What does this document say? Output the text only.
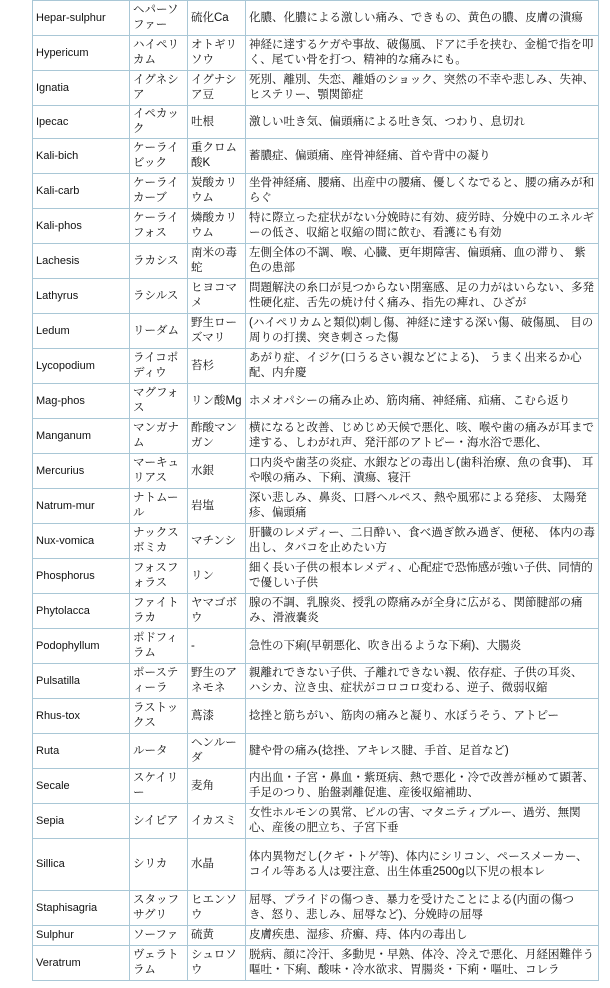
Hepar-sulphur	ヘパーソファー	硫化Ca	化膿、化膿による激しい痛み、できもの、黄色の膿、皮膚の潰瘍
Hypericum	ハイペリカム	オトギリソウ	神経に達するケガや事故、破傷風、ドアに手を挟む、金槌で指を叩く、尾てい骨を打つ、精神的な痛みにも。
Ignatia	イグネシア	イグナシア豆	死別、離別、失恋、離婚のショック、突然の不幸や悲しみ、失神、 ヒステリー、顎関節症
Ipecac	イペカック	吐根	激しい吐き気、偏頭痛による吐き気、つわり、息切れ
Kali-bich	ケーライビック	重クロム酸K	蓄膿症、偏頭痛、座骨神経痛、首や背中の凝り
Kali-carb	ケーライカーブ	炭酸カリウム	坐骨神経痛、腰痛、出産中の腰痛、優しくなでると、腰の痛みが和らぐ
Kali-phos	ケーライフォス	燐酸カリウム	特に際立った症状がない分娩時に有効、疲労時、分娩中のエネルギーの低さ、収縮と収縮の間に飲む、看護にも有効
Lachesis	ラカシス	南米の毒蛇	左側全体の不調、喉、心臓、更年期障害、偏頭痛、血の滞り、 紫色の患部
Lathyrus	ラシルス	ヒヨコマメ	問題解決の糸口が見つからない閉塞感、足の力がはいらない、多発性硬化症、舌先の焼け付く痛み、指先の痺れ、ひざが
Ledum	リーダム	野生ローズマリ	(ハイペリカムと類似)刺し傷、神経に達する深い傷、破傷風、 目の周りの打撲、突き刺さった傷
Lycopodium	ライコポディウ	苔杉	あがり症、イジケ(口うるさい親などによる)、 うまく出来るか心配、内弁慶
Mag-phos	マグフォス	リン酸Mg	ホメオパシーの痛み止め、筋肉痛、神経痛、疝痛、こむら返り
Manganum	マンガナム	酢酸マンガン	横になると改善、じめじめ天候で悪化、咳、喉や歯の痛みが耳まで達する、しわがれ声、発汗部のアトピー・海水浴で悪化、
Mercurius	マーキュリアス	水銀	口内炎や歯茎の炎症、水銀などの毒出し(歯科治療、魚の食事)、 耳や喉の痛み、下痢、潰瘍、寝汗
Natrum-mur	ナトムール	岩塩	深い悲しみ、鼻炎、口唇ヘルペス、熱や風邪による発疹、 太陽発疹、偏頭痛
Nux-vomica	ナックスボミカ	マチンシ	肝臓のレメディー、二日酔い、食べ過ぎ飲み過ぎ、便秘、 体内の毒出し、タバコを止めたい方
Phosphorus	フォスフォラス	リン	細く長い子供の根本レメディ、心配症で恐怖感が強い子供、同情的で優しい子供
Phytolacca	ファイトラカ	ヤマゴボウ	腺の不調、乳腺炎、授乳の際痛みが全身に広がる、関節腱部の痛み、滑液嚢炎
Podophyllum	ポドフィラム	-	急性の下痢(早朝悪化、吹き出るような下痢)、大腸炎
Pulsatilla	ポースティーラ	野生のアネモネ	親離れできない子供、子離れできない親、依存症、子供の耳炎、 ハシカ、泣き虫、症状がコロコロ変わる、逆子、微弱収縮
Rhus-tox	ラストックス	蔦漆	捻挫と筋ちがい、筋肉の痛みと凝り、水ぼうそう、アトピー
Ruta	ルータ	ヘンルーダ	腱や骨の痛み(捻挫、アキレス腱、手首、足首など)
Secale	スケイリー	麦角	内出血・子宮・鼻血・紫斑病、熱で悪化・冷で改善が極めて顕著、手足のつり、胎盤剥離促進、産後収縮補助、
Sepia	シイピア	イカスミ	女性ホルモンの異常、ピルの害、マタニティブルー、過労、無関心、産後の肥立ち、子宮下垂
Sillica	シリカ	水晶	体内異物だし(クギ・トゲ等)、体内にシリコン、ペースメーカー、コイル等ある人は要注意、出生体重2500g以下児の根本レ
Staphisagria	スタッフサグリ	ヒエンソウ	屈辱、プライドの傷つき、暴力を受けたことによる(内面の傷つき、怒り、悲しみ、屈辱など)、分娩時の屈辱
Sulphur	ソーファ	硫黄	皮膚疾患、湿疹、疥癬、痔、体内の毒出し
Veratrum	ヴェラトラム	シュロソウ	脱病、顔に冷汗、多動児・早熟、体冷、冷えで悪化、月経困難伴う嘔吐・下痢、酸味・冷水欲求、胃腸炎・下痢・嘔吐、コレラ
